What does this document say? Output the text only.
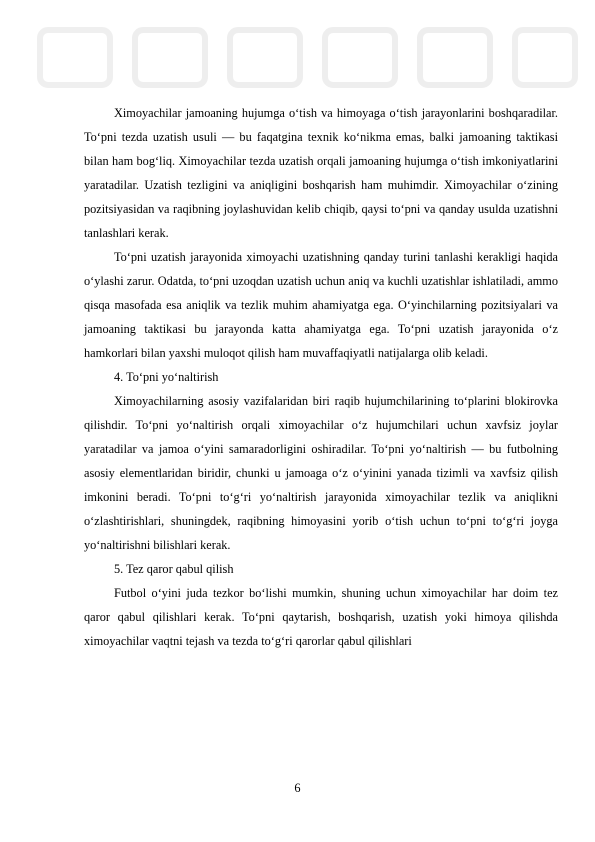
Ximoyachilar jamoaning hujumga o‘tish va himoyaga o‘tish jarayonlarini boshqaradilar. To‘pni tezda uzatish usuli — bu faqatgina texnik ko‘nikma emas, balki jamoaning taktikasi bilan ham bog‘liq. Ximoyachilar tezda uzatish orqali jamoaning hujumga o‘tish imkoniyatlarini yaratadilar. Uzatish tezligini va aniqligini boshqarish ham muhimdir. Ximoyachilar o‘zining pozitsiyasidan va raqibning joylashuvidan kelib chiqib, qaysi to‘pni va qanday usulda uzatishni tanlashlari kerak.

To‘pni uzatish jarayonida ximoyachi uzatishning qanday turini tanlashi kerakligi haqida o‘ylashi zarur. Odatda, to‘pni uzoqdan uzatish uchun aniq va kuchli uzatishlar ishlatiladi, ammo qisqa masofada esa aniqlik va tezlik muhim ahamiyatga ega. O‘yinchilarning pozitsiyalari va jamoaning taktikasi bu jarayonda katta ahamiyatga ega. To‘pni uzatish jarayonida o‘z hamkorlari bilan yaxshi muloqot qilish ham muvaffaqiyatli natijalarga olib keladi.

4. To‘pni yo‘naltirish

Ximoyachilarning asosiy vazifalaridan biri raqib hujumchilarining to‘plarini blokirovka qilishdir. To‘pni yo‘naltirish orqali ximoyachilar o‘z hujumchilari uchun xavfsiz joylar yaratadilar va jamoa o‘yini samaradorligini oshiradilar. To‘pni yo‘naltirish — bu futbolning asosiy elementlaridan biridir, chunki u jamoaga o‘z o‘yinini yanada tizimli va xavfsiz qilish imkonini beradi. To‘pni to‘g‘ri yo‘naltirish jarayonida ximoyachilar tezlik va aniqlikni o‘zlashtirishlari, shuningdek, raqibning himoyasini yorib o‘tish uchun to‘pni to‘g‘ri joyga yo‘naltirishni bilishlari kerak.

5. Tez qaror qabul qilish

Futbol o‘yini juda tezkor bo‘lishi mumkin, shuning uchun ximoyachilar har doim tez qaror qabul qilishlari kerak. To‘pni qaytarish, boshqarish, uzatish yoki himoya qilishda ximoyachilar vaqtni tejash va tezda to‘g‘ri qarorlar qabul qilishlari

6
